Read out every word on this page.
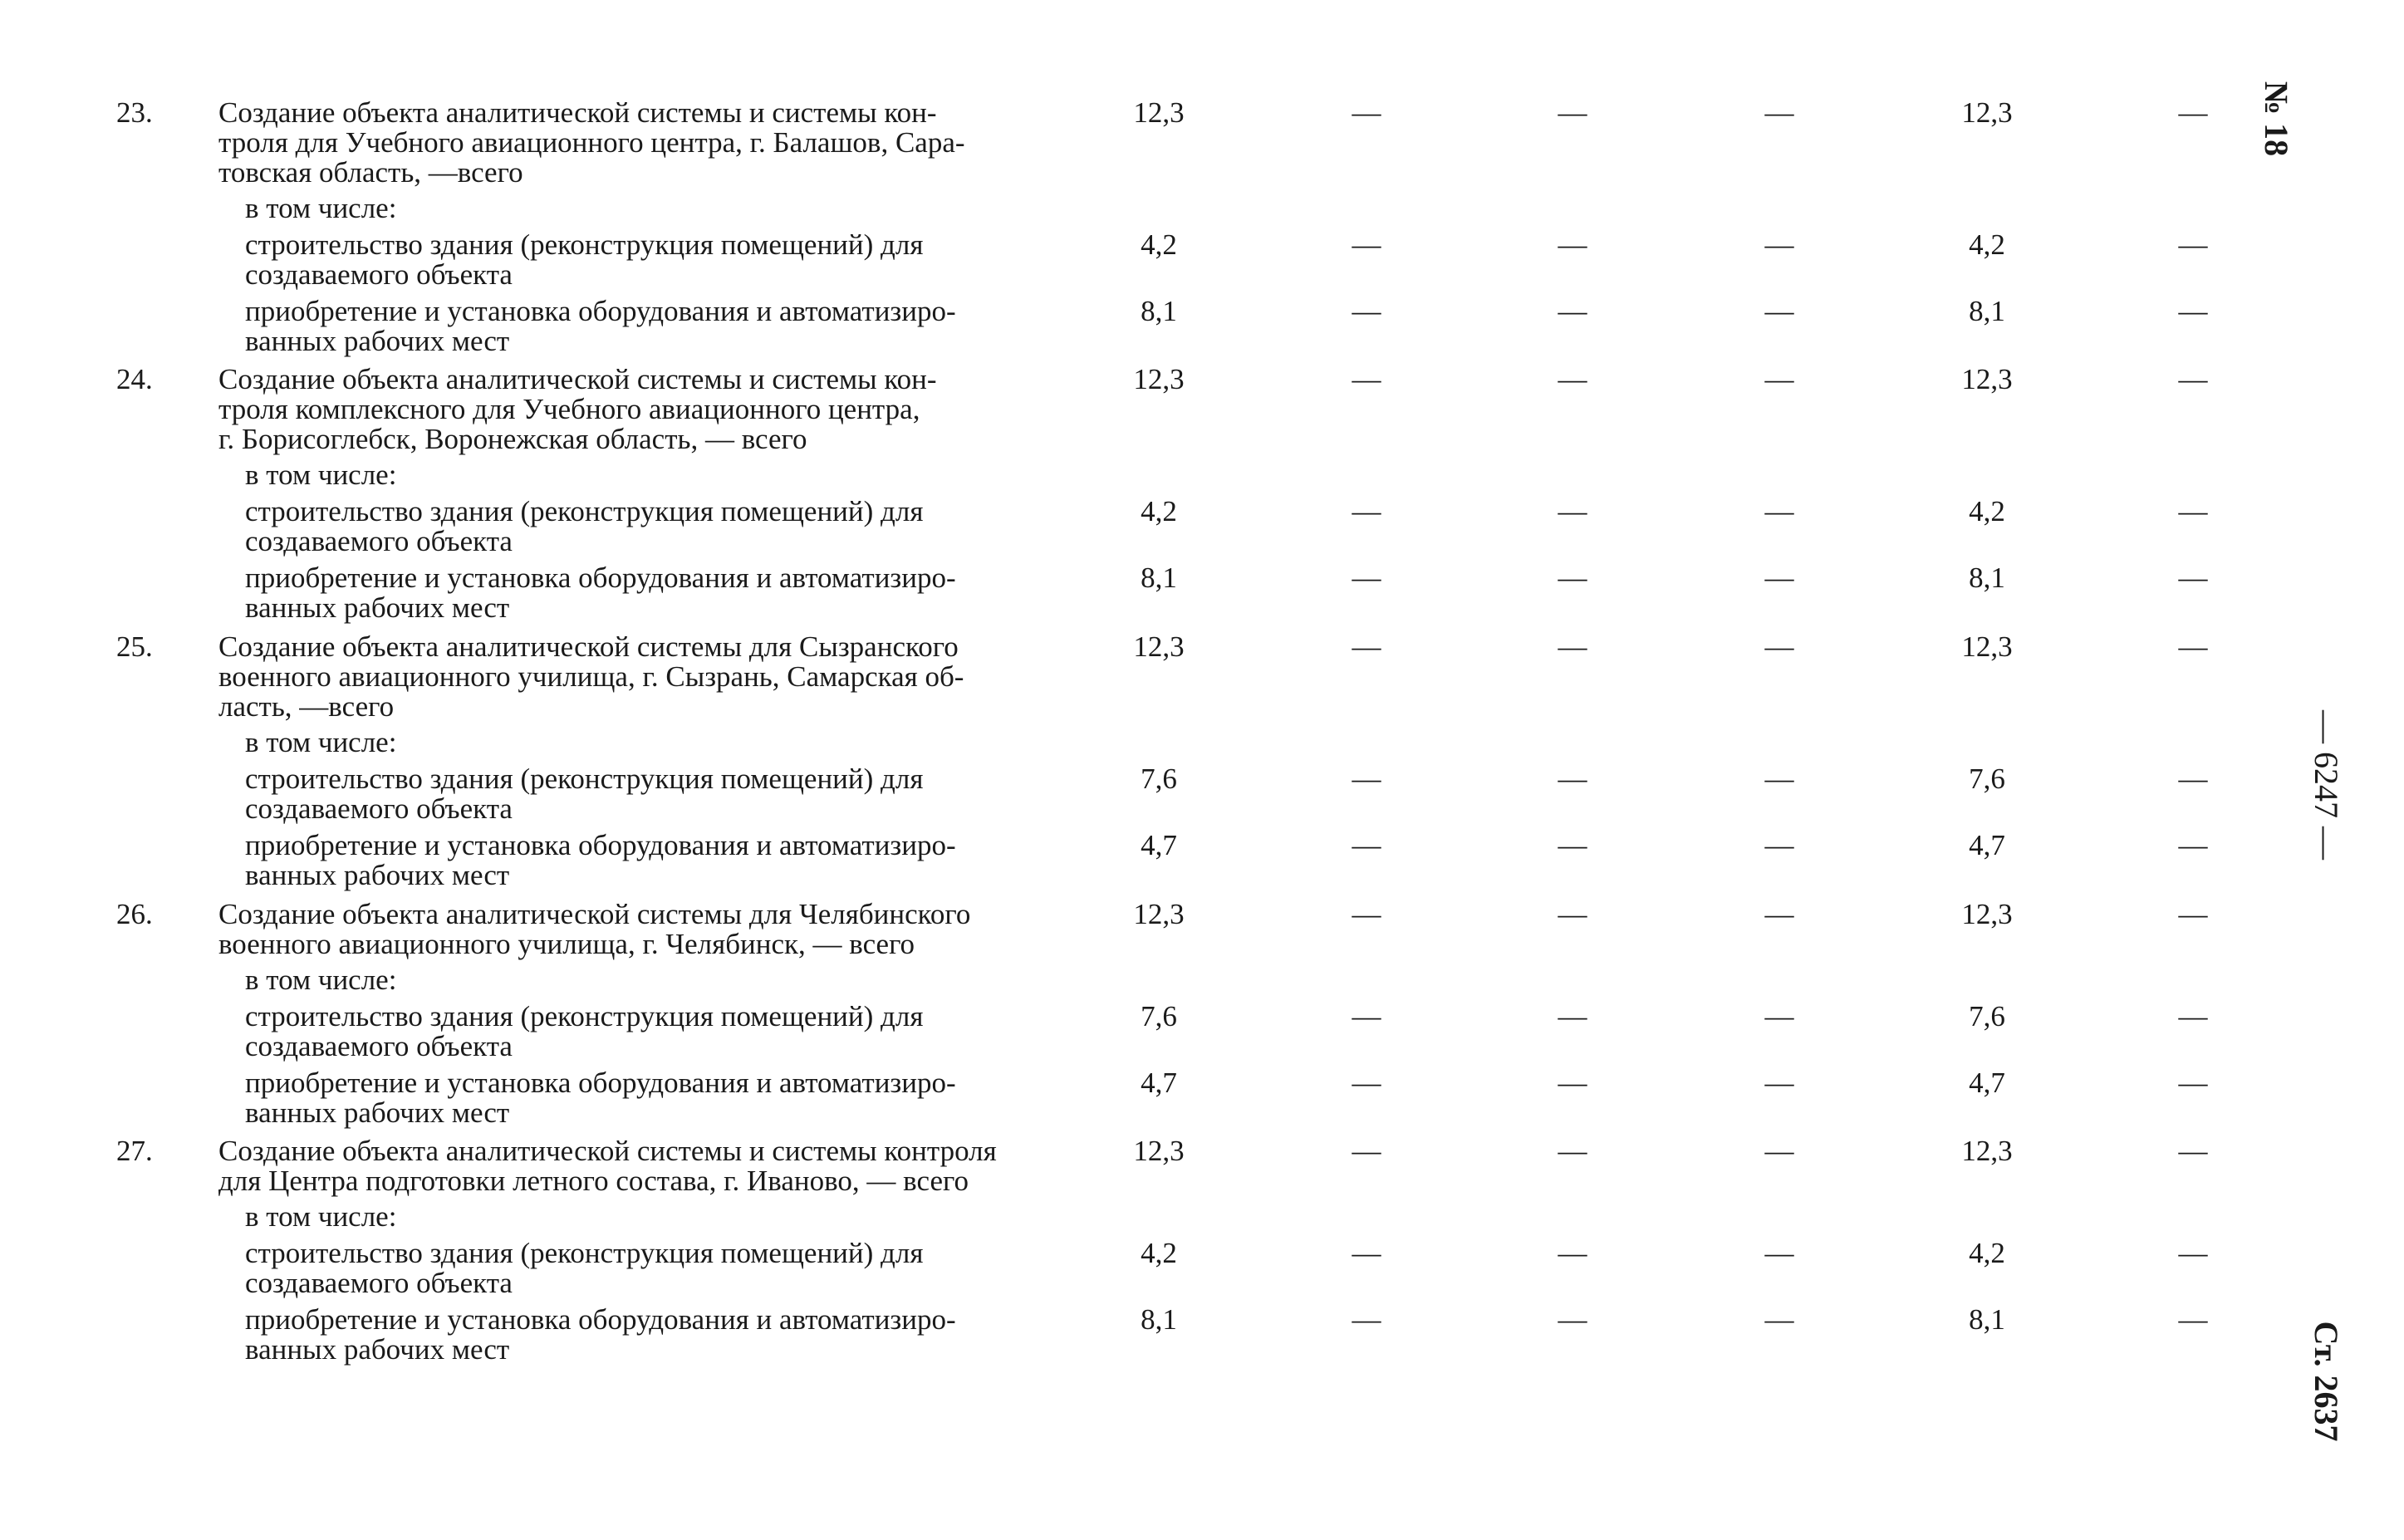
23.	Создание объекта аналитической системы и системы кон-
троля для Учебного авиационного центра, г. Балашов, Сара-
товская область, —всего
12,3	—	—	—	12,3	—
в том числе:
строительство здания (реконструкция помещений) для
создаваемого объекта
4,2	—	—	—	4,2	—
приобретение и установка оборудования и автоматизиро-
ванных рабочих мест
8,1	—	—	—	8,1	—
24.	Создание объекта аналитической системы и системы кон-
троля комплексного для Учебного авиационного центра,
г. Борисоглебск, Воронежская область, — всего
12,3	—	—	—	12,3	—
в том числе:
строительство здания (реконструкция помещений) для
создаваемого объекта
4,2	—	—	—	4,2	—
приобретение и установка оборудования и автоматизиро-
ванных рабочих мест
8,1	—	—	—	8,1	—
25.	Создание объекта аналитической системы для Сызранского
военного авиационного училища, г. Сызрань, Самарская об-
ласть, —всего
12,3	—	—	—	12,3	—
в том числе:
строительство здания (реконструкция помещений) для
создаваемого объекта
7,6	—	—	—	7,6	—
приобретение и установка оборудования и автоматизиро-
ванных рабочих мест
4,7	—	—	—	4,7	—
26.	Создание объекта аналитической системы для Челябинского
военного авиационного училища, г. Челябинск, — всего
12,3	—	—	—	12,3	—
в том числе:
строительство здания (реконструкция помещений) для
создаваемого объекта
7,6	—	—	—	7,6	—
приобретение и установка оборудования и автоматизиро-
ванных рабочих мест
4,7	—	—	—	4,7	—
27.	Создание объекта аналитической системы и системы контроля
для Центра подготовки летного состава, г. Иваново, — всего
12,3	—	—	—	12,3	—
в том числе:
строительство здания (реконструкция помещений) для
создаваемого объекта
4,2	—	—	—	4,2	—
приобретение и установка оборудования и автоматизиро-
ванных рабочих мест
8,1	—	—	—	8,1	—
№ 18
— 6247 —
Ст. 2637
